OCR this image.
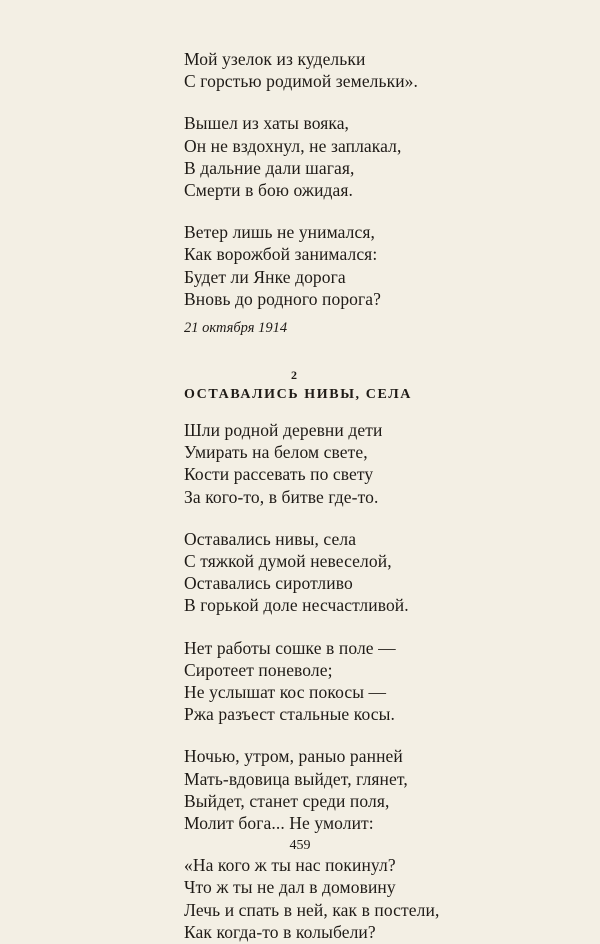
Мой узелок из кудельки
С горстью родимой земельки».
Вышел из хаты вояка,
Он не вздохнул, не заплакал,
В дальние дали шагая,
Смерти в бою ожидая.
Ветер лишь не унимался,
Как ворожбой занимался:
Будет ли Янке дорога
Вновь до родного порога?
21 октября 1914
2
ОСТАВАЛИСЬ НИВЫ, СЕЛА
Шли родной деревни дети
Умирать на белом свете,
Кости рассевать по свету
За кого-то, в битве где-то.
Оставались нивы, села
С тяжкой думой невеселой,
Оставались сиротливо
В горькой доле несчастливой.
Нет работы сошке в поле —
Сиротеет поневоле;
Не услышат кос покосы —
Ржа разъест стальные косы.
Ночью, утром, раныо ранней
Мать-вдовица выйдет, глянет,
Выйдет, станет среди поля,
Молит бога... Не умолит:
«На кого ж ты нас покинул?
Что ж ты не дал в домовину
Лечь и спать в ней, как в постели,
Как когда-то в колыбели?
459
